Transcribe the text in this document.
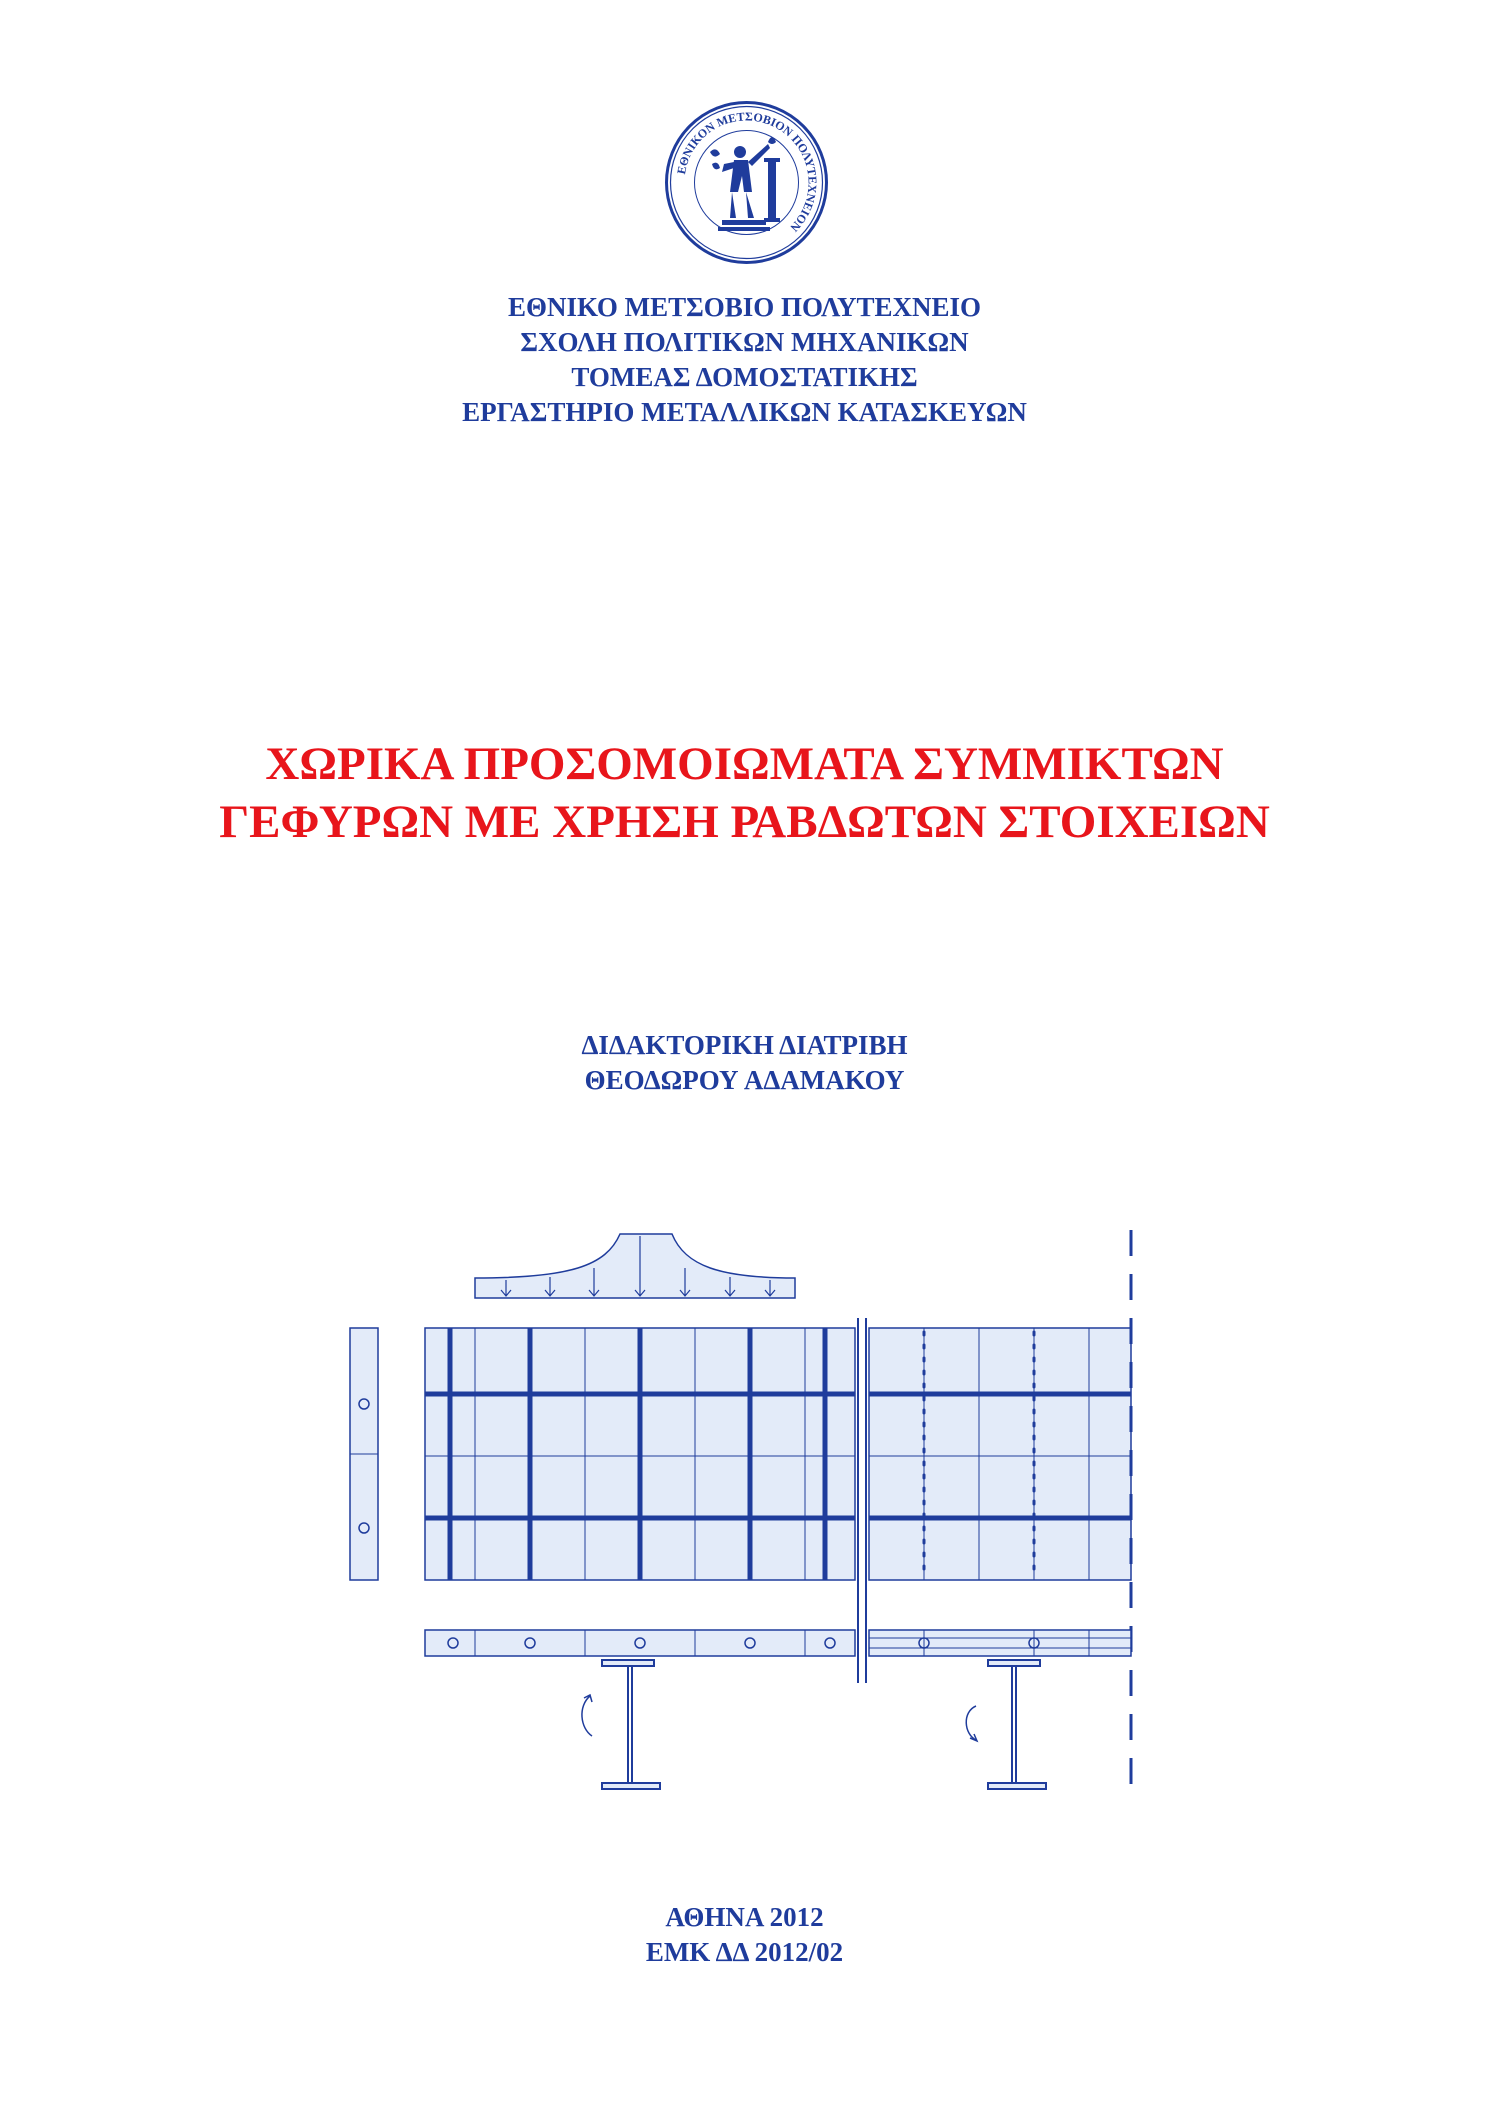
ΕΘΝΙΚΟΝ ΜΕΤΣΟΒΙΟΝ ΠΟΛΥΤΕΧΝΕΙΟΝ
ΕΘΝΙΚΟ ΜΕΤΣΟΒΙΟ ΠΟΛΥΤΕΧΝΕΙΟ
ΣΧΟΛΗ ΠΟΛΙΤΙΚΩΝ ΜΗΧΑΝΙΚΩΝ
ΤΟΜΕΑΣ ΔΟΜΟΣΤΑΤΙΚΗΣ
ΕΡΓΑΣΤΗΡΙΟ ΜΕΤΑΛΛΙΚΩΝ ΚΑΤΑΣΚΕΥΩΝ
ΧΩΡΙΚΑ ΠΡΟΣΟΜΟΙΩΜΑΤΑ ΣΥΜΜΙΚΤΩΝ
ΓΕΦΥΡΩΝ ΜΕ ΧΡΗΣΗ ΡΑΒΔΩΤΩΝ ΣΤΟΙΧΕΙΩΝ
ΔΙΔΑΚΤΟΡΙΚΗ ΔΙΑΤΡΙΒΗ
ΘΕΟΔΩΡΟΥ ΑΔΑΜΑΚΟΥ
ΑΘΗΝΑ 2012
ΕΜΚ ΔΔ 2012/02
